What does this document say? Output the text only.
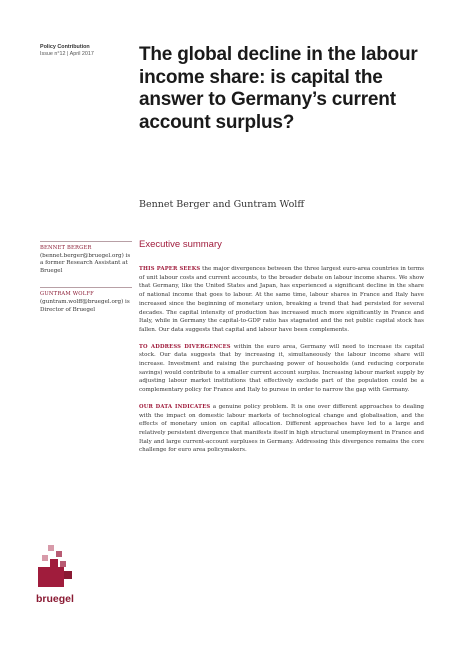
Policy Contribution
Issue n°12 | April 2017	The global decline in the labour income share: is capital the answer to Germany’s current account surplus?
Bennet Berger and Guntram Wolff
BENNET BERGER (bennet.berger@bruegel.org) is a former Research Assistant at Bruegel
GUNTRAM WOLFF (guntram.wolff@bruegel.org) is Director of Bruegel
Executive summary

THIS PAPER SEEKS the major divergences between the three largest euro-area countries in terms of unit labour costs and current accounts, to the broader debate on labour income shares. We show that Germany, like the United States and Japan, has experienced a significant decline in the share of national income that goes to labour. At the same time, labour shares in France and Italy have increased since the beginning of monetary union, breaking a trend that had persisted for several decades. The capital intensity of production has increased much more significantly in France and Italy, while in Germany the capital-to-GDP ratio has stagnated and the net public capital stock has fallen. Our data suggests that capital and labour have been complements.

TO ADDRESS DIVERGENCES within the euro area, Germany will need to increase its capital stock. Our data suggests that by increasing it, simultaneously the labour income share will increase. Investment and raising the purchasing power of households (and reducing corporate savings) would contribute to a smaller current account surplus. Increasing labour market supply by adjusting labour market institutions that effectively exclude part of the population could be a complementary policy for France and Italy to pursue in order to narrow the gap with Germany.

OUR DATA INDICATES a genuine policy problem. It is one over different approaches to dealing with the impact on domestic labour markets of technological change and globalisation, and the effects of monetary union on capital allocation. Different approaches have led to a large and relatively persistent divergence that manifests itself in high structural unemployment in France and Italy and large current-account surpluses in Germany. Addressing this divergence remains the core challenge for euro area policymakers.

bruegel
